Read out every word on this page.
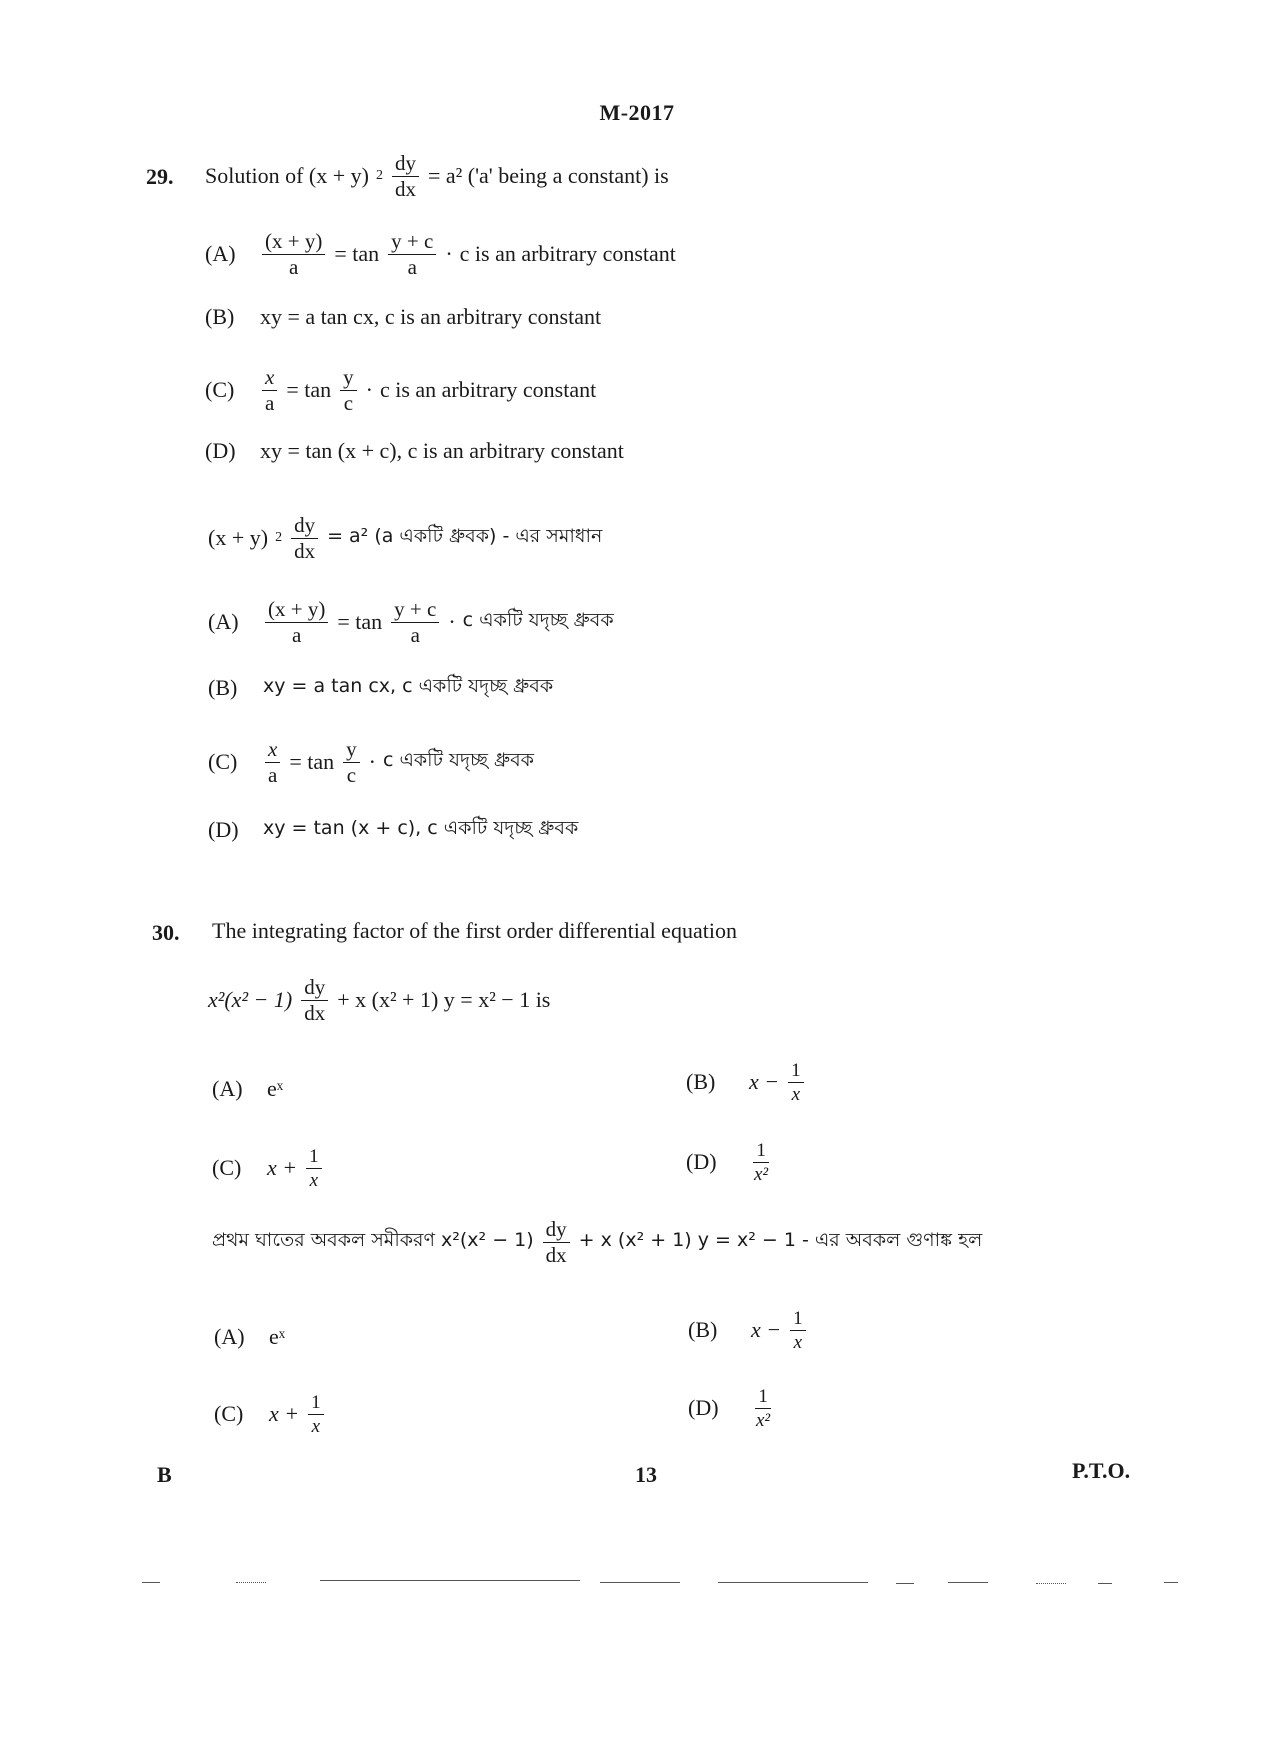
M-2017
29. Solution of (x + y) $2 \frac{dy}{dx} = a^2$ ('a' being a constant) is
(A)	$\frac{(x + y)}{a} = \tan \frac{y + c}{a} \cdot c$ is an arbitrary constant
(B)	xy = a tan cx, c is an arbitrary constant
(C)	$\frac{x}{a} = \tan \frac{y}{c} \cdot c$ is an arbitrary constant
(D)	xy = tan (x + c), c is an arbitrary constant
(x + y) $2 \frac{dy}{dx} = a^2$ (a একটি ধ্রুবক) - এর সমাধান
(A)	$\frac{(x + y)}{a} = \tan \frac{y + c}{a} \cdot c$ একটি যদৃচ্ছ ধ্রুবক
(B)	xy = a tan cx, c একটি যদৃচ্ছ ধ্রুবক
(C)	$\frac{x}{a} = \tan \frac{y}{c} \cdot c$ একটি যদৃচ্ছ ধ্রুবক
(D)	xy = tan (x + c), c একটি যদৃচ্ছ ধ্রুবক
30. The integrating factor of the first order differential equation
$x^2(x^2 - 1) \frac{dy}{dx} + x$ (x² + 1) y = x² − 1 is
(A)	eˣ	(B)	$x - \frac{1}{x}$
(C)	$x + \frac{1}{x}$	(D)	$\frac{1}{\text{x²}}$
প্রথম ঘাতের অবকল সমীকরণ $x^2(x^2 - 1) \frac{dy}{dx} + x$ (x² + 1) y = x² − 1 - এর অবকল গুণাঙ্ক হল
(A)	eˣ	(B)	$x - \frac{1}{x}$
(C)	$x + \frac{1}{x}$	(D)	$\frac{1}{\text{x²}}$
B	13	P.T.O.
